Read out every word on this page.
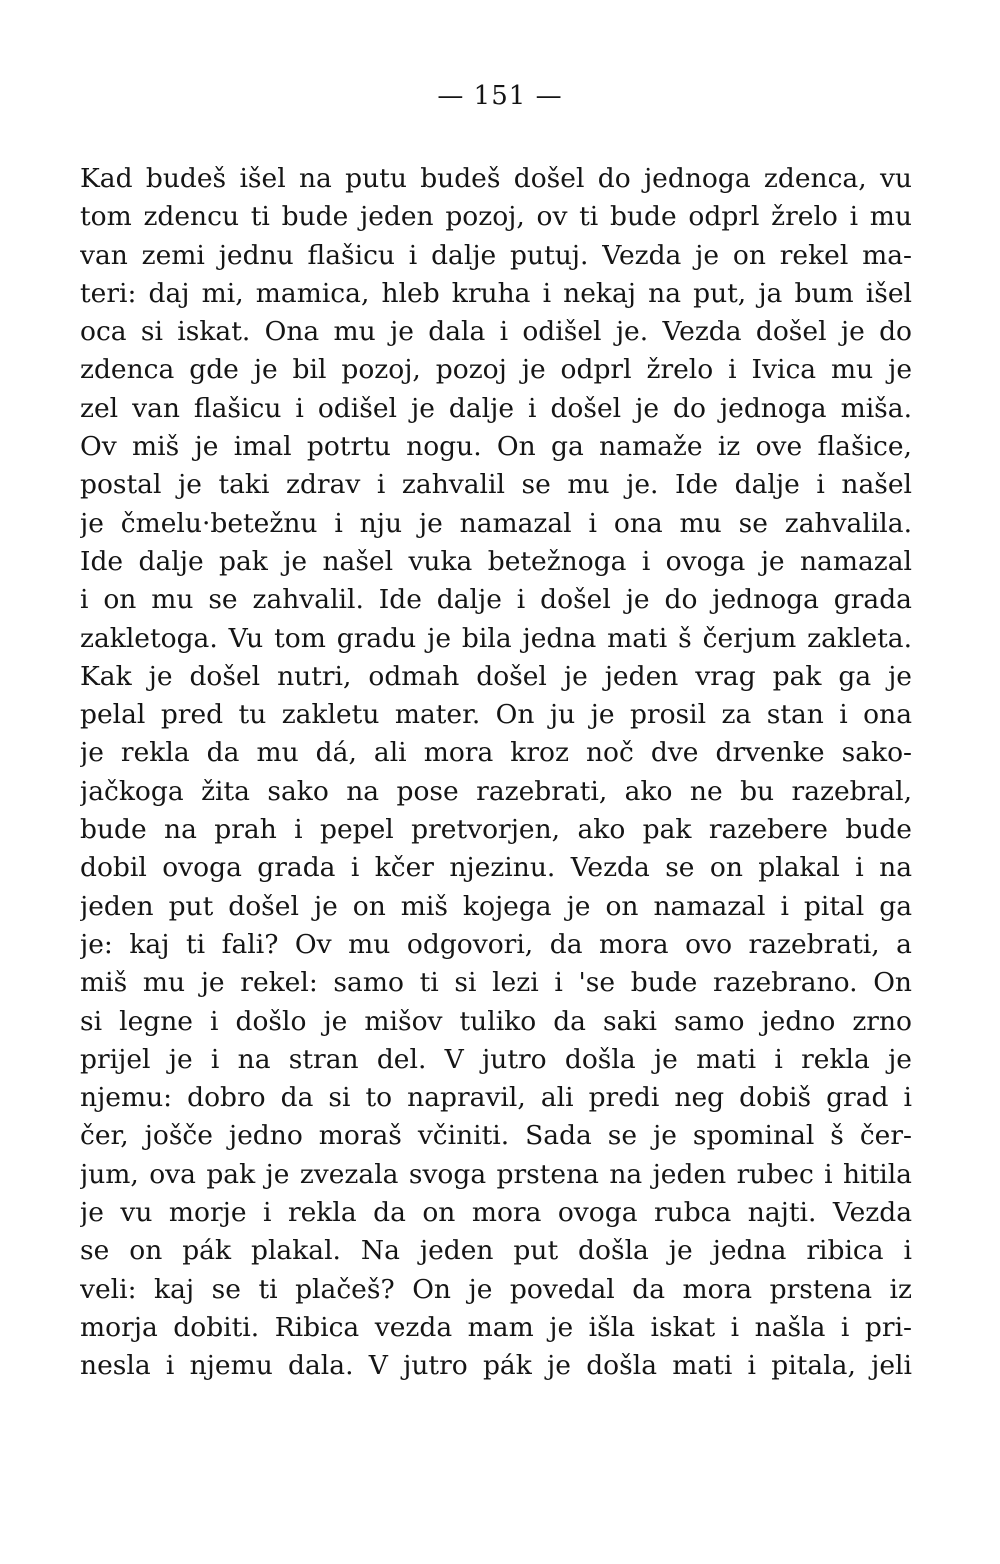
— 151 —
Kad budeš išel na putu budeš došel do jednoga zdenca, vu
tom zdencu ti bude jeden pozoj, ov ti bude odprl žrelo i mu
van zemi jednu flašicu i dalje putuj. Vezda je on rekel ma-
teri: daj mi, mamica, hleb kruha i nekaj na put, ja bum išel
oca si iskat. Ona mu je dala i odišel je. Vezda došel je do
zdenca gde je bil pozoj, pozoj je odprl žrelo i Ivica mu je
zel van flašicu i odišel je dalje i došel je do jednoga miša.
Ov miš je imal potrtu nogu. On ga namaže iz ove flašice,
postal je taki zdrav i zahvalil se mu je. Ide dalje i našel
je čmelu·betežnu i nju je namazal i ona mu se zahvalila.
Ide dalje pak je našel vuka betežnoga i ovoga je namazal
i on mu se zahvalil. Ide dalje i došel je do jednoga grada
zakletoga. Vu tom gradu je bila jedna mati š čerjum zakleta.
Kak je došel nutri, odmah došel je jeden vrag pak ga je
pelal pred tu zakletu mater. On ju je prosil za stan i ona
je rekla da mu dá, ali mora kroz noč dve drvenke sako-
jačkoga žita sako na pose razebrati, ako ne bu razebral,
bude na prah i pepel pretvorjen, ako pak razebere bude
dobil ovoga grada i kčer njezinu. Vezda se on plakal i na
jeden put došel je on miš kojega je on namazal i pital ga
je: kaj ti fali? Ov mu odgovori, da mora ovo razebrati, a
miš mu je rekel: samo ti si lezi i 'se bude razebrano. On
si legne i došlo je mišov tuliko da saki samo jedno zrno
prijel je i na stran del. V jutro došla je mati i rekla je
njemu: dobro da si to napravil, ali predi neg dobiš grad i
čer, jošče jedno moraš včiniti. Sada se je spominal š čer-
jum, ova pak je zvezala svoga prstena na jeden rubec i hitila
je vu morje i rekla da on mora ovoga rubca najti. Vezda
se on pák plakal. Na jeden put došla je jedna ribica i
veli: kaj se ti plačeš? On je povedal da mora prstena iz
morja dobiti. Ribica vezda mam je išla iskat i našla i pri-
nesla i njemu dala. V jutro pák je došla mati i pitala, jeli
